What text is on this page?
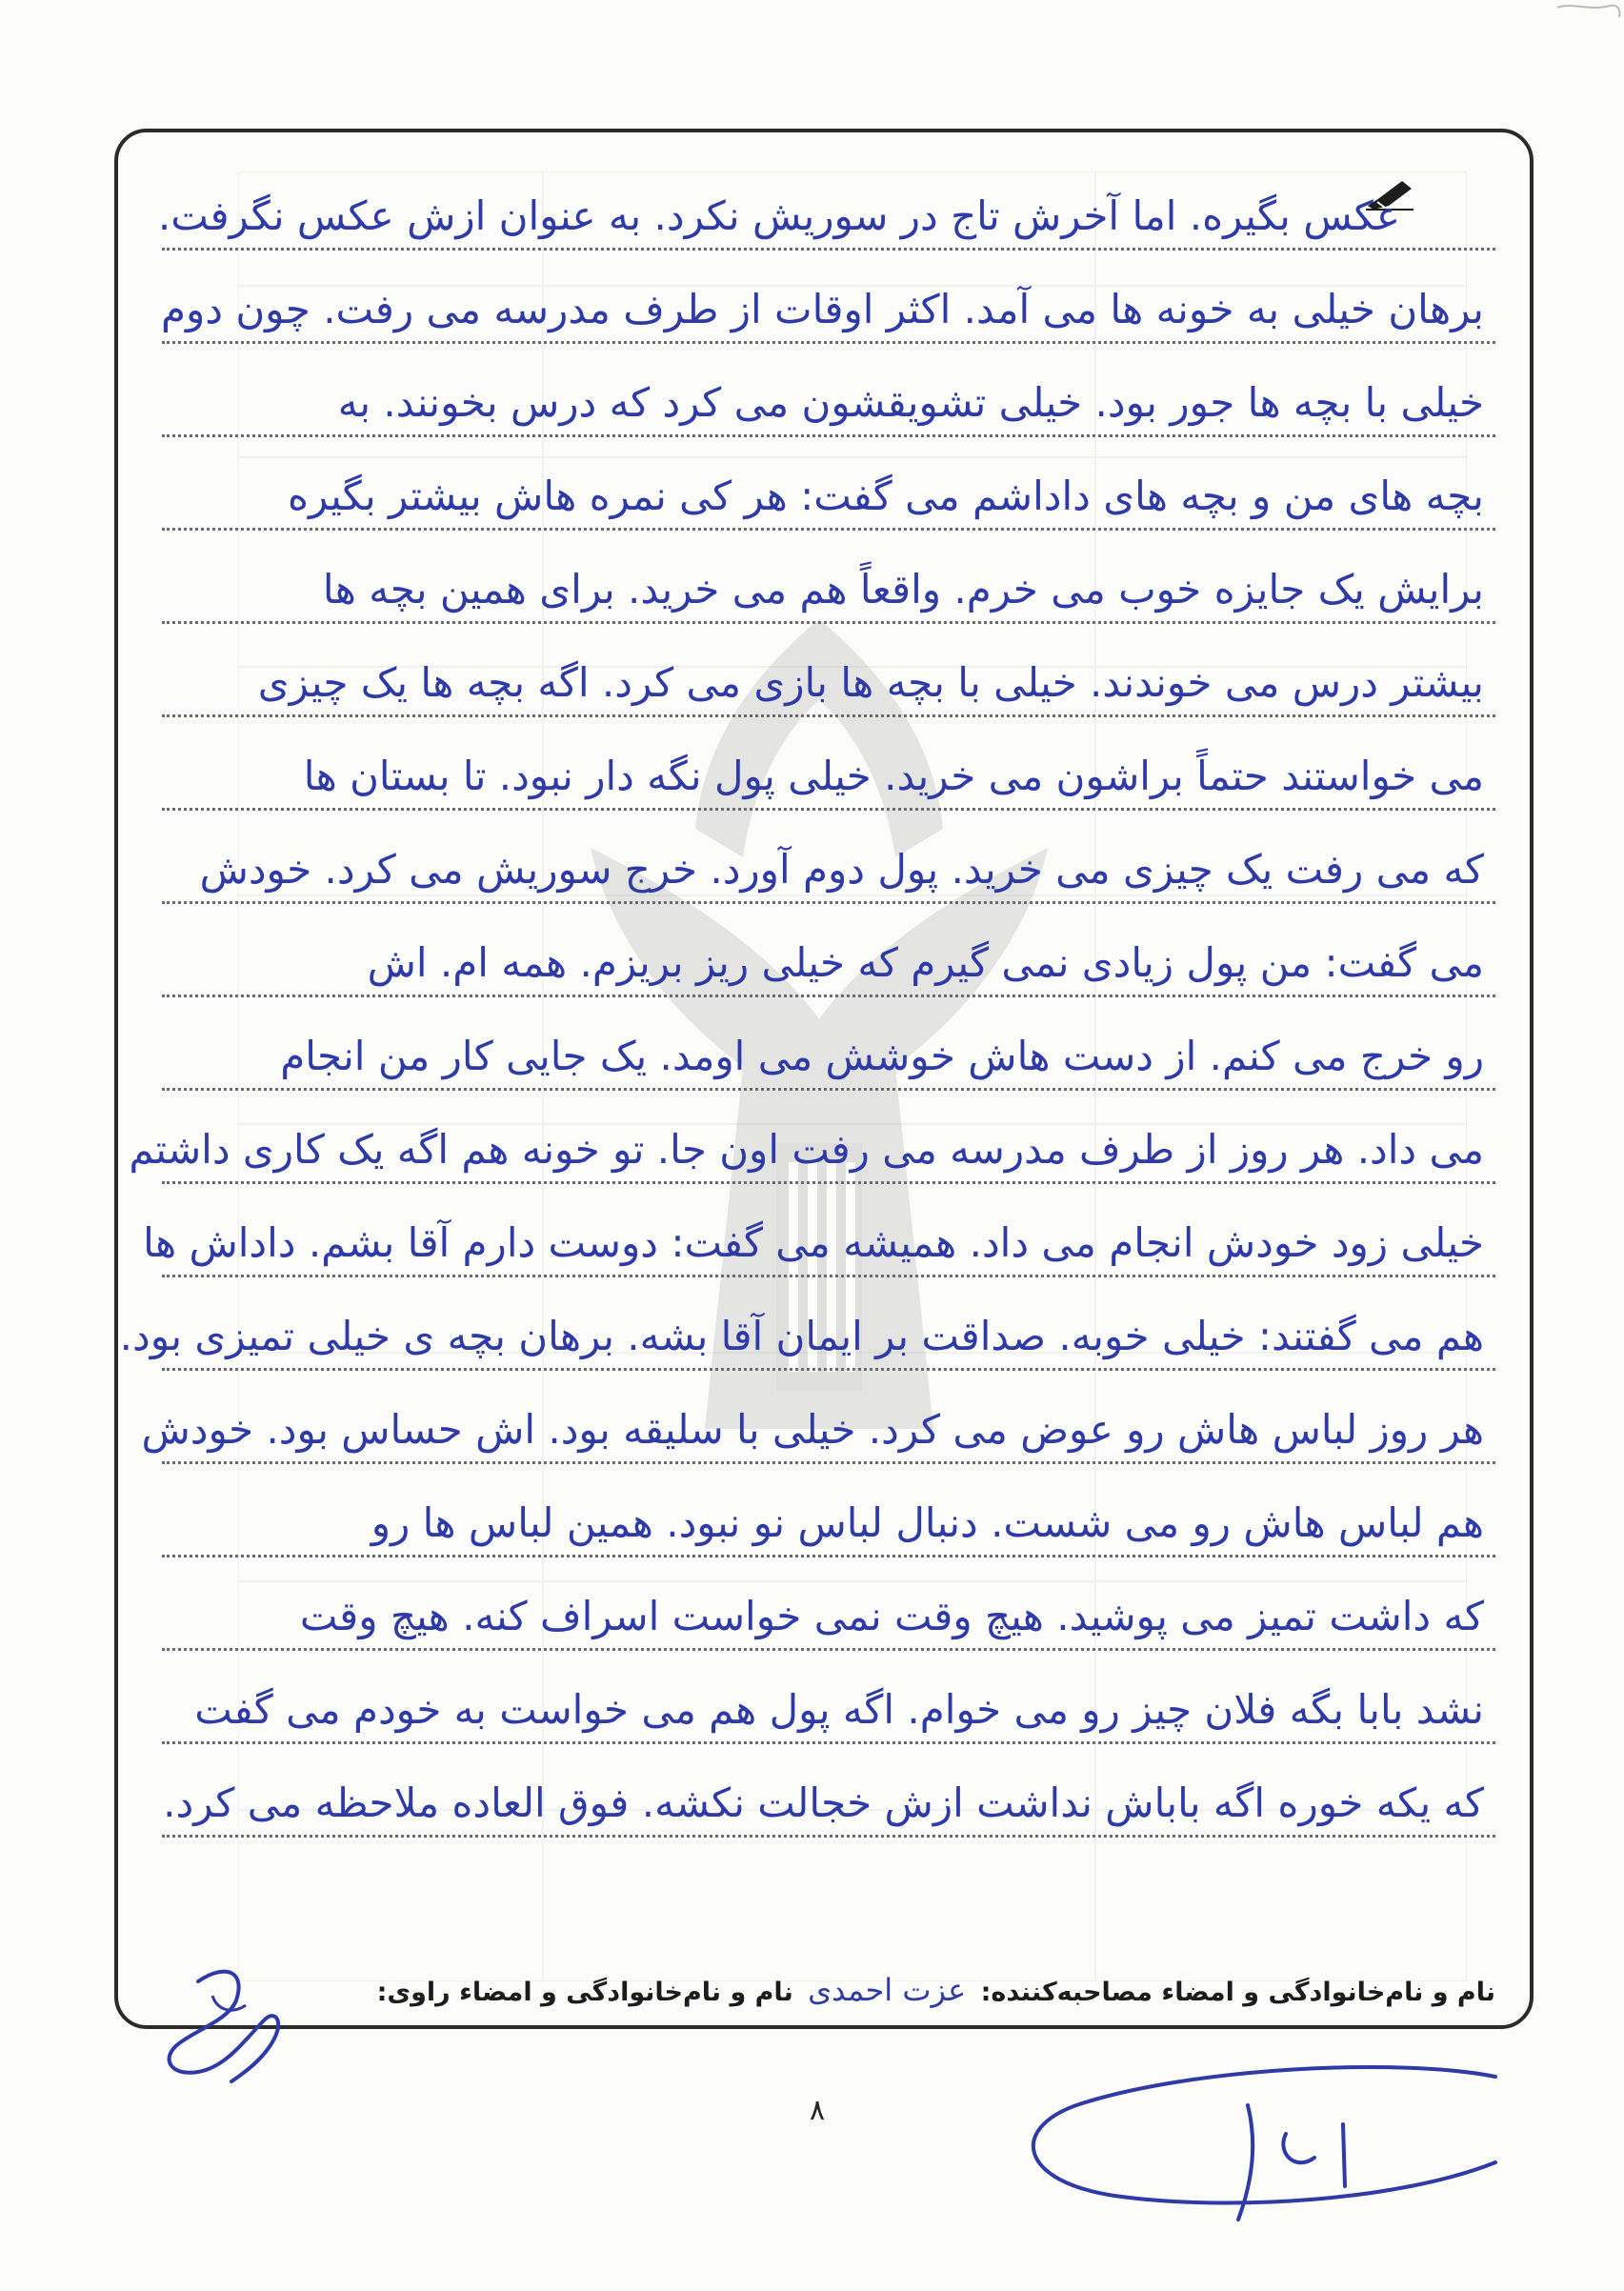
عکس بگیره. اما آخرش تاج در سوریش نکرد. به عنوان ازش عکس نگرفت.
برهان خیلی به خونه ها می آمد. اکثر اوقات از طرف مدرسه می رفت. چون دوم
خیلی با بچه ها جور بود. خیلی تشویقشون می کرد که درس بخونند. به
بچه های من و بچه های داداشم می گفت: هر کی نمره هاش بیشتر بگیره
برایش یک جایزه خوب می خرم. واقعاً هم می خرید. برای همین بچه ها
بیشتر درس می خوندند. خیلی با بچه ها بازی می کرد. اگه بچه ها یک چیزی
می خواستند حتماً براشون می خرید. خیلی پول نگه دار نبود. تا بستان ها
که می رفت یک چیزی می خرید. پول دوم آورد. خرج سوریش می کرد. خودش
می گفت: من پول زیادی نمی گیرم که خیلی ریز بریزم. همه ام. اش
رو خرج می کنم. از دست هاش خوشش می اومد. یک جایی کار من انجام
می داد. هر روز از طرف مدرسه می رفت اون جا. تو خونه هم اگه یک کاری داشتم
خیلی زود خودش انجام می داد. همیشه می گفت: دوست دارم آقا بشم. داداش ها
هم می گفتند: خیلی خوبه. صداقت بر ایمان آقا بشه. برهان بچه ی خیلی تمیزی بود.
هر روز لباس هاش رو عوض می کرد. خیلی با سلیقه بود. اش حساس بود. خودش
هم لباس هاش رو می شست. دنبال لباس نو نبود. همین لباس ها رو
که داشت تمیز می پوشید. هیچ وقت نمی خواست اسراف کنه. هیچ وقت
نشد بابا بگه فلان چیز رو می خوام. اگه پول هم می خواست به خودم می گفت
که یکه خوره اگه باباش نداشت ازش خجالت نکشه. فوق العاده ملاحظه می کرد.
نام و نام‌خانوادگی و امضاء مصاحبه‌کننده: عزت احمدی نام و نام‌خانوادگی و امضاء راوی:
۸
